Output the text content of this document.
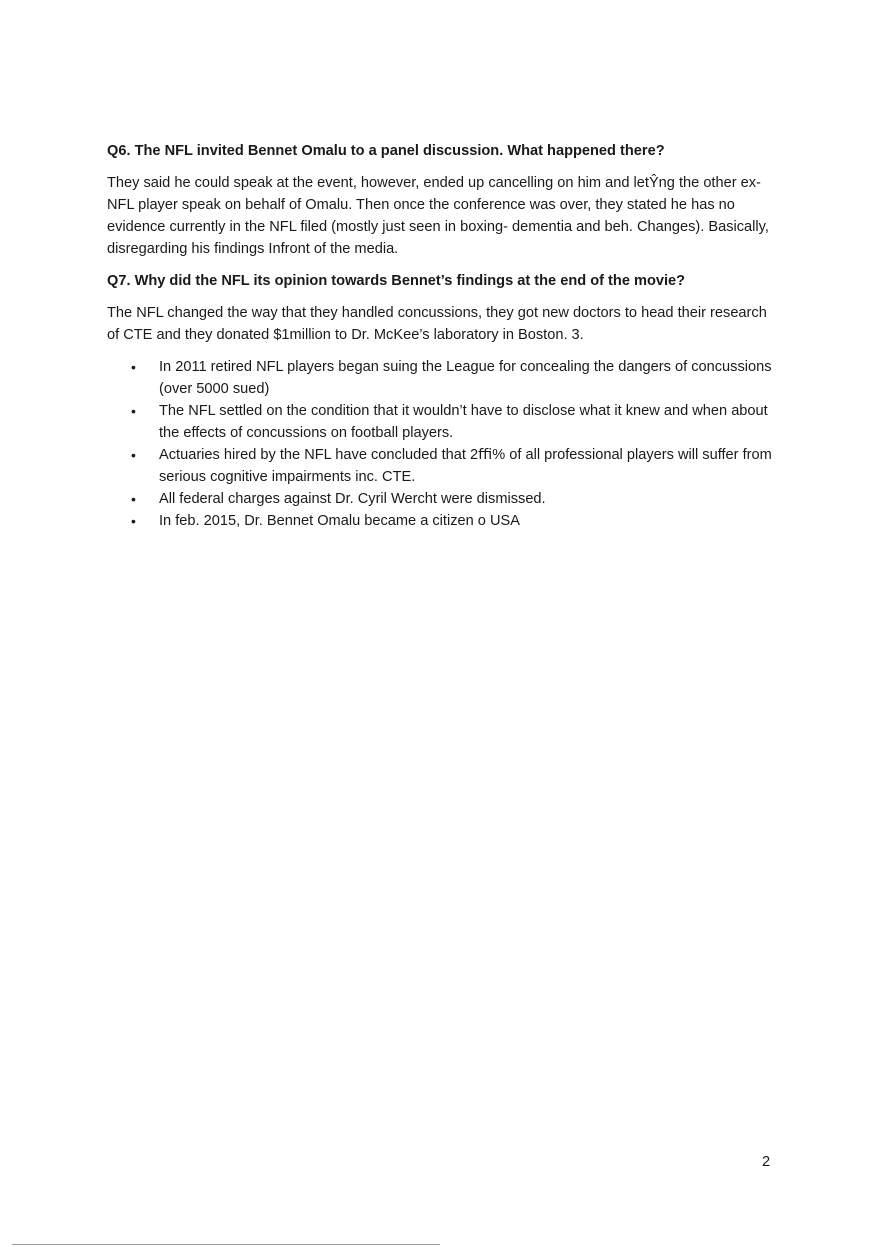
Q6. The NFL invited Bennet Omalu to a panel discussion. What happened there?

They said he could speak at the event, however, ended up cancelling on him and letŶng the other ex-NFL player speak on behalf of Omalu. Then once the conference was over, they stated he has no evidence currently in the NFL filed (mostly just seen in boxing- dementia and beh. Changes). Basically, disregarding his findings Infront of the media.

Q7. Why did the NFL its opinion towards Bennet’s findings at the end of the movie?

The NFL changed the way that they handled concussions, they got new doctors to head their research of CTE and they donated $1million to Dr. McKee’s laboratory in Boston. 3.

• In 2011 retired NFL players began suing the League for concealing the dangers of concussions (over 5000 sued)
• The NFL settled on the condition that it wouldn’t have to disclose what it knew and when about the effects of concussions on football players.
• Actuaries hired by the NFL have concluded that 2ﬃ% of all professional players will suffer from serious cognitive impairments inc. CTE.
• All federal charges against Dr. Cyril Wercht were dismissed.
• In feb. 2015, Dr. Bennet Omalu became a citizen o USA
2
